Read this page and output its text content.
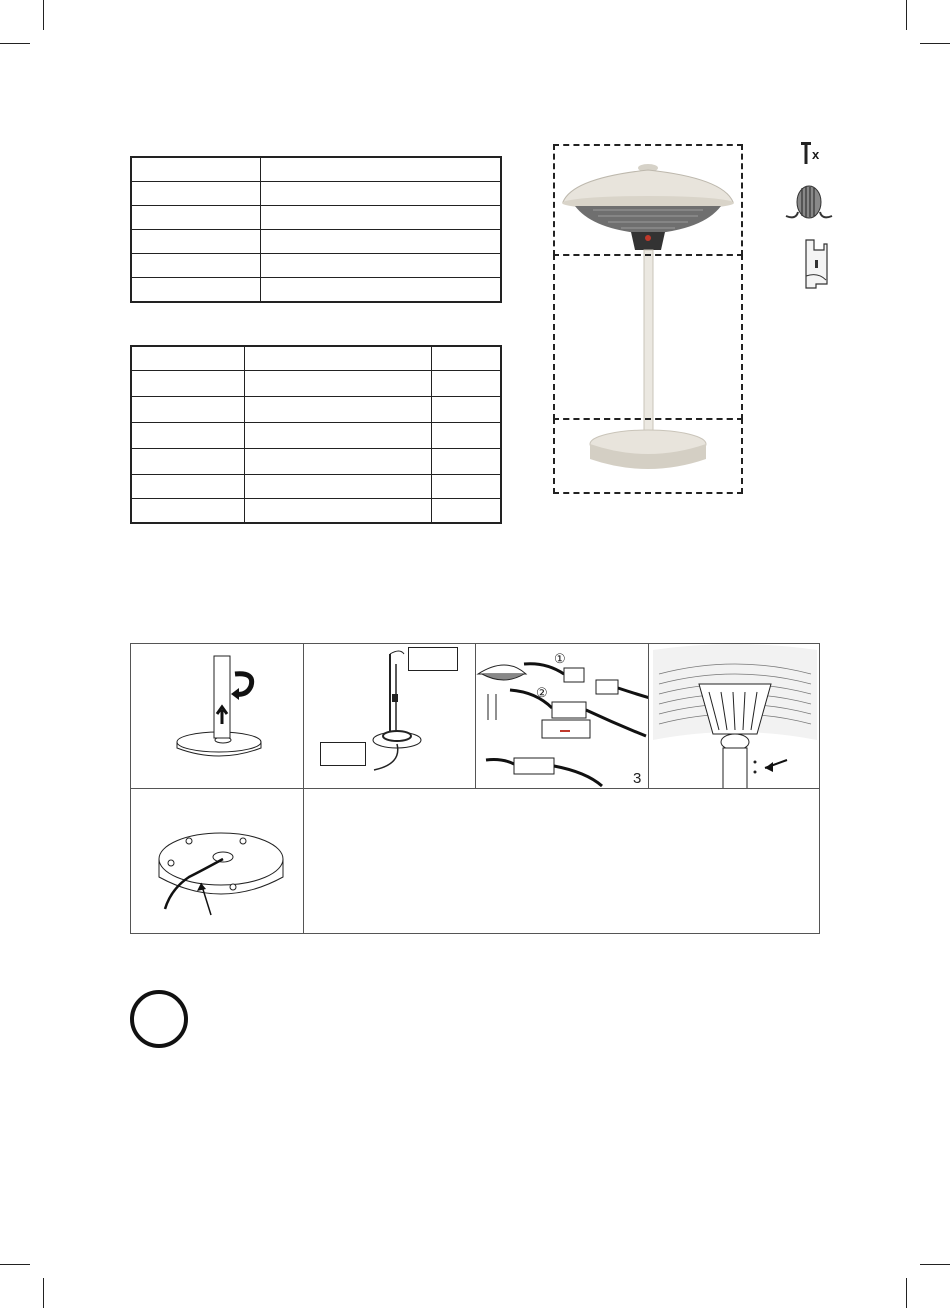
x
①
②
3
